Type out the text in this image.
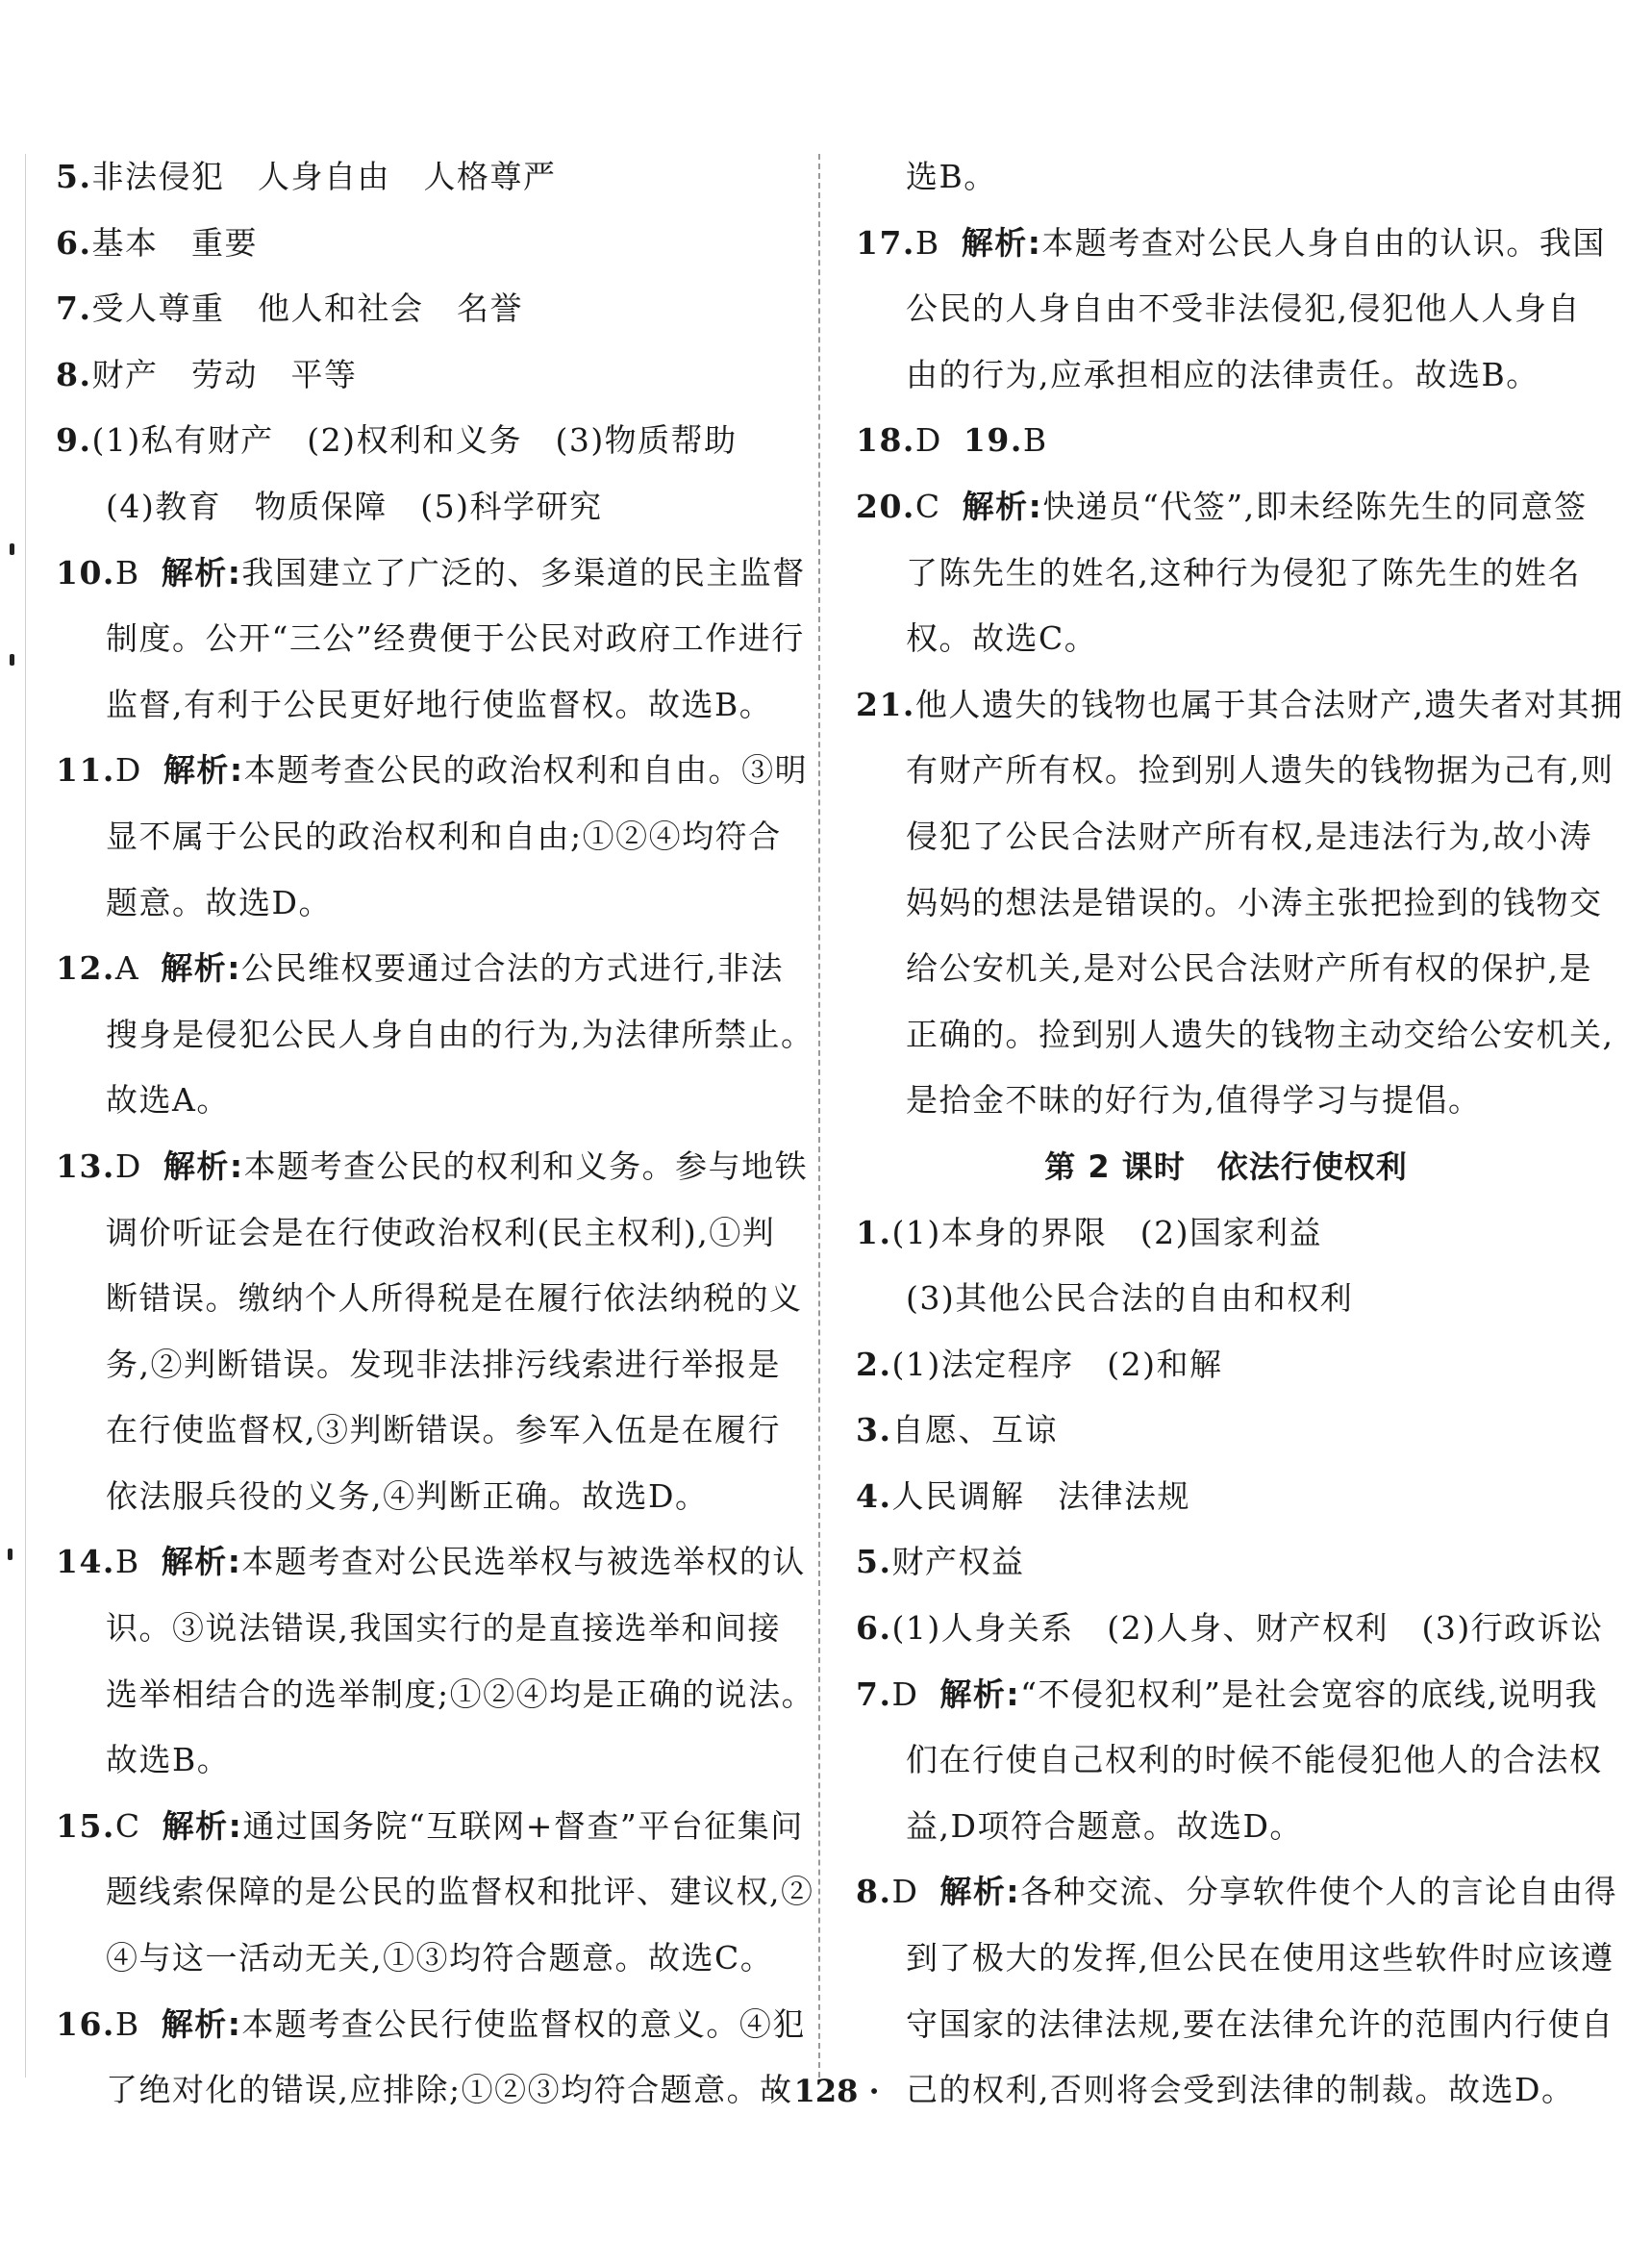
5.非法侵犯　人身自由　人格尊严
6.基本　重要
7.受人尊重　他人和社会　名誉
8.财产　劳动　平等
9.(1)私有财产　(2)权利和义务　(3)物质帮助
(4)教育　物质保障　(5)科学研究
10.B 解析:我国建立了广泛的、多渠道的民主监督
制度。公开“三公”经费便于公民对政府工作进行
监督,有利于公民更好地行使监督权。故选B。
11.D 解析:本题考查公民的政治权利和自由。③明
显不属于公民的政治权利和自由;①②④均符合
题意。故选D。
12.A 解析:公民维权要通过合法的方式进行,非法
搜身是侵犯公民人身自由的行为,为法律所禁止。
故选A。
13.D 解析:本题考查公民的权利和义务。参与地铁
调价听证会是在行使政治权利(民主权利),①判
断错误。缴纳个人所得税是在履行依法纳税的义
务,②判断错误。发现非法排污线索进行举报是
在行使监督权,③判断错误。参军入伍是在履行
依法服兵役的义务,④判断正确。故选D。
14.B 解析:本题考查对公民选举权与被选举权的认
识。③说法错误,我国实行的是直接选举和间接
选举相结合的选举制度;①②④均是正确的说法。
故选B。
15.C 解析:通过国务院“互联网+督查”平台征集问
题线索保障的是公民的监督权和批评、建议权,②
④与这一活动无关,①③均符合题意。故选C。
16.B 解析:本题考查公民行使监督权的意义。④犯
了绝对化的错误,应排除;①②③均符合题意。故
选B。
17.B 解析:本题考查对公民人身自由的认识。我国
公民的人身自由不受非法侵犯,侵犯他人人身自
由的行为,应承担相应的法律责任。故选B。
18.D 19.B
20.C 解析:快递员“代签”,即未经陈先生的同意签
了陈先生的姓名,这种行为侵犯了陈先生的姓名
权。故选C。
21.他人遗失的钱物也属于其合法财产,遗失者对其拥
有财产所有权。捡到别人遗失的钱物据为己有,则
侵犯了公民合法财产所有权,是违法行为,故小涛
妈妈的想法是错误的。小涛主张把捡到的钱物交
给公安机关,是对公民合法财产所有权的保护,是
正确的。捡到别人遗失的钱物主动交给公安机关,
是拾金不昧的好行为,值得学习与提倡。
第 2 课时　依法行使权利
1.(1)本身的界限　(2)国家利益
(3)其他公民合法的自由和权利
2.(1)法定程序　(2)和解
3.自愿、互谅
4.人民调解　法律法规
5.财产权益
6.(1)人身关系　(2)人身、财产权利　(3)行政诉讼
7.D 解析:“不侵犯权利”是社会宽容的底线,说明我
们在行使自己权利的时候不能侵犯他人的合法权
益,D项符合题意。故选D。
8.D 解析:各种交流、分享软件使个人的言论自由得
到了极大的发挥,但公民在使用这些软件时应该遵
守国家的法律法规,要在法律允许的范围内行使自
己的权利,否则将会受到法律的制裁。故选D。
· 128 ·
